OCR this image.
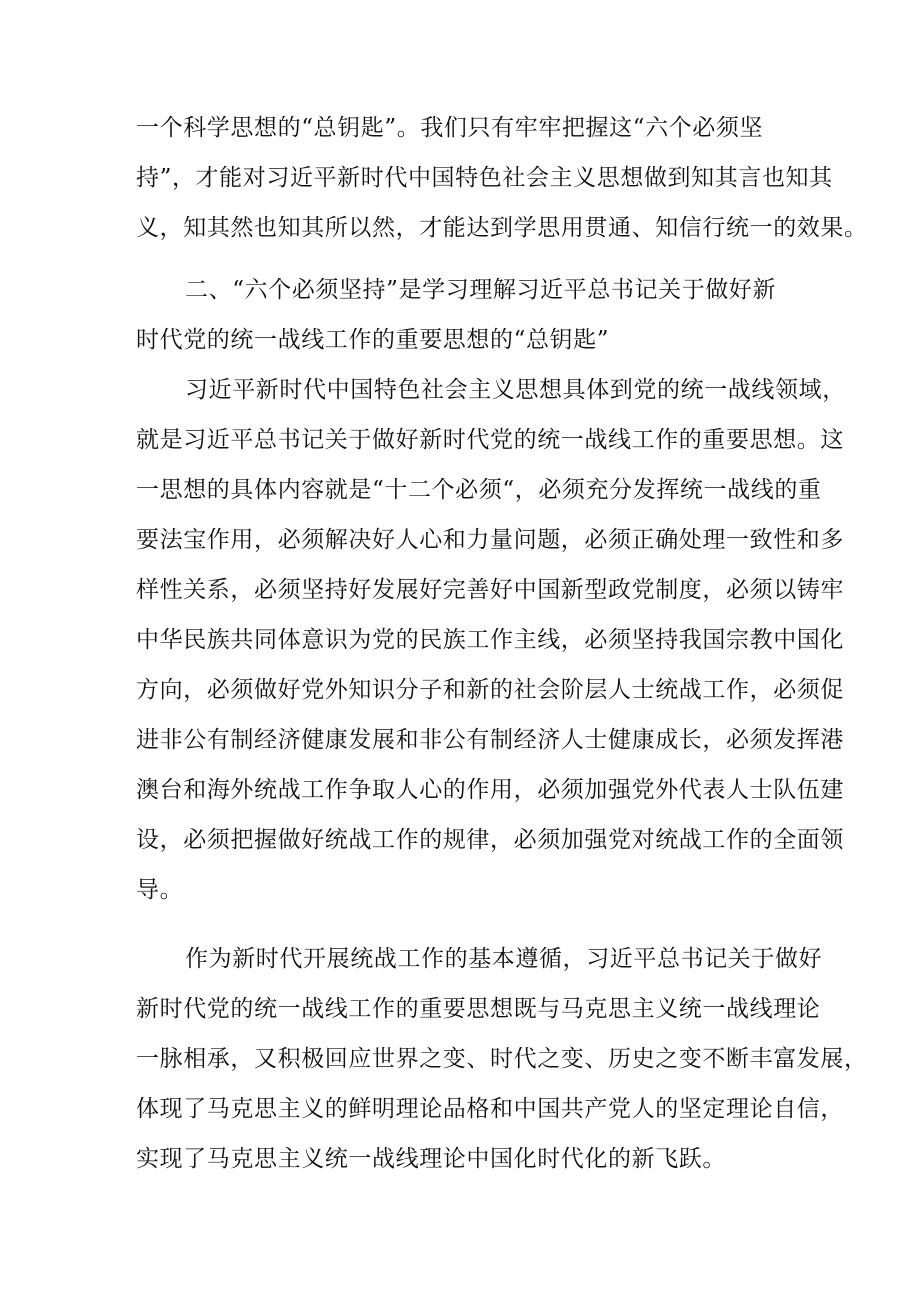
一个科学思想的“总钥匙”。我们只有牢牢把握这“六个必须坚
持”，才能对习近平新时代中国特色社会主义思想做到知其言也知其
义，知其然也知其所以然，才能达到学思用贯通、知信行统一的效果。
二、“六个必须坚持”是学习理解习近平总书记关于做好新
时代党的统一战线工作的重要思想的“总钥匙”
习近平新时代中国特色社会主义思想具体到党的统一战线领域，
就是习近平总书记关于做好新时代党的统一战线工作的重要思想。这
一思想的具体内容就是“十二个必须“，必须充分发挥统一战线的重
要法宝作用，必须解决好人心和力量问题，必须正确处理一致性和多
样性关系，必须坚持好发展好完善好中国新型政党制度，必须以铸牢
中华民族共同体意识为党的民族工作主线，必须坚持我国宗教中国化
方向，必须做好党外知识分子和新的社会阶层人士统战工作，必须促
进非公有制经济健康发展和非公有制经济人士健康成长，必须发挥港
澳台和海外统战工作争取人心的作用，必须加强党外代表人士队伍建
设，必须把握做好统战工作的规律，必须加强党对统战工作的全面领
导。
作为新时代开展统战工作的基本遵循，习近平总书记关于做好
新时代党的统一战线工作的重要思想既与马克思主义统一战线理论
一脉相承，又积极回应世界之变、时代之变、历史之变不断丰富发展，
体现了马克思主义的鲜明理论品格和中国共产党人的坚定理论自信，
实现了马克思主义统一战线理论中国化时代化的新飞跃。
